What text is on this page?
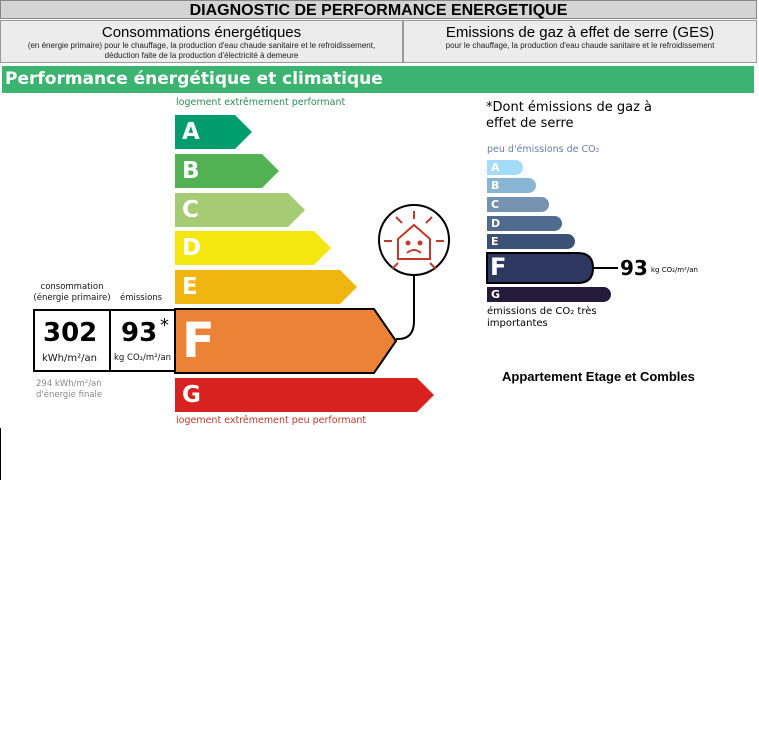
DIAGNOSTIC DE PERFORMANCE ENERGETIQUE
Consommations énergétiques
(en énergie primaire) pour le chauffage, la production d'eau chaude sanitaire et le refroidissement, déduction faite de la production d'électricité à demeure
Emissions de gaz à effet de serre (GES)
pour le chauffage, la production d'eau chaude sanitaire et le refroidissement
Performance énergétique et climatique
logement extrêmement performant
A
B
C
D
E
302
kWh/m²/an
93 *
kg CO₂/m²/an F
G
logement extrêmement peu performant
consommation (énergie primaire) émissions
294 kWh/m²/an d'énergie finale
*Dont émissions de gaz à effet de serre
peu d'émissions de CO₂
A
B
C
D
E
F	93 kg CO₂/m²/an
G
émissions de CO₂ très importantes
Appartement Etage et Combles
